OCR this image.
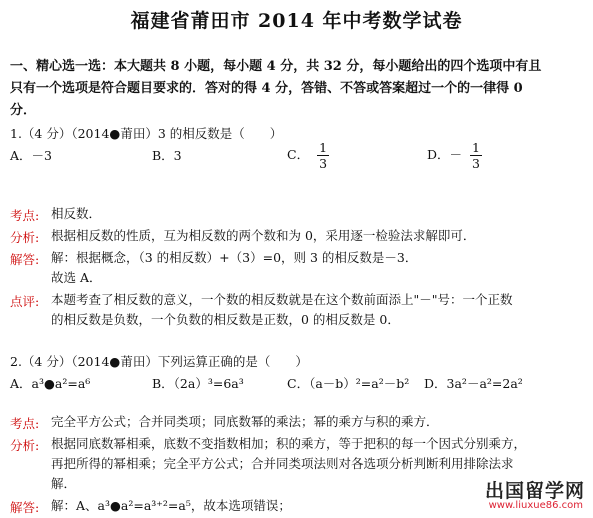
福建省莆田市 2014 年中考数学试卷
一、精心选一选：本大题共 8 小题，每小题 4 分，共 32 分，每小题给出的四个选项中有且
只有一个选项是符合题目要求的．答对的得 4 分，答错、不答或答案超过一个的一律得 0
分．
1.（4 分）（2014●莆田）3 的相反数是（　　）
A．－3	B．3	C． $\frac{1}{3}$	D．－ $\frac{1}{3}$
考点: 相反数．
分析: 根据相反数的性质，互为相反数的两个数和为 0，采用逐一检验法求解即可．
解答: 解：根据概念，（3 的相反数）+（3）=0，则 3 的相反数是－3．
故选 A．
点评: 本题考查了相反数的意义，一个数的相反数就是在这个数前面添上"－"号：一个正数
的相反数是负数，一个负数的相反数是正数，0 的相反数是 0．
2.（4 分）（2014●莆田）下列运算正确的是（　　）
A．a³●a²=a⁶	B．（2a）³=6a³	C．（a－b）²=a²－b² D．3a²－a²=2a²
考点: 完全平方公式；合并同类项；同底数幂的乘法；幂的乘方与积的乘方．
分析: 根据同底数幂相乘，底数不变指数相加；积的乘方，等于把积的每一个因式分别乘方，
再把所得的幂相乘；完全平方公式；合并同类项法则对各选项分析判断利用排除法求
解．
解答: 解：A、a³●a²=a³⁺²=a⁵，故本选项错误；
出国留学网
www.liuxue86.com
